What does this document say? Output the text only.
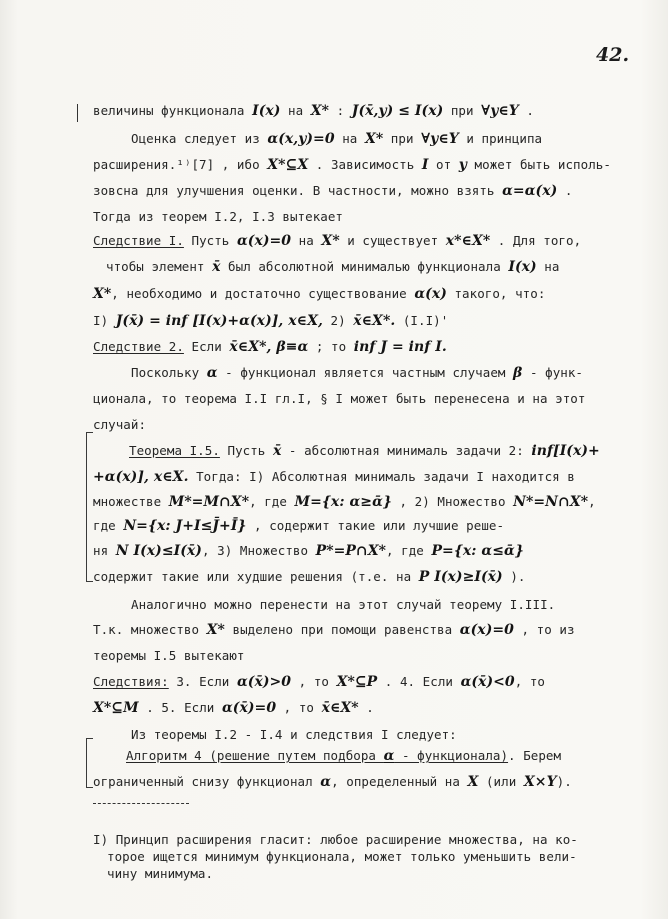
42.
величины функционала I(x) на X* : J(x̄,y) ≤ I(x) при ∀y∈Y .
Оценка следует из α(x,y)=0 на X* при ∀y∈Y и принципа
расширения.¹⁾[7] , ибо X*⊆X . Зависимость I от y может быть исполь-
зовсна для улучшения оценки. В частности, можно взять α=α(x) .
Тогда из теорем I.2, I.3 вытекает
Следствие I. Пусть α(x)=0 на X* и существует x*∈X* . Для того,
чтобы элемент x̄ был абсолютной минималью функционала I(x) на
X*, необходимо и достаточно существование α(x) такого, что:
I) J(x̄) = inf [I(x)+α(x)], x∈X, 2) x̄∈X*. (I.I)'
Следствие 2. Если x̄∈X*, β≡α ; то inf J = inf I.
Поскольку α - функционал является частным случаем β - функ-
ционала, то теорема I.I гл.I, § I может быть перенесена и на этот
случай:
Теорема I.5. Пусть x̄ - абсолютная минималь задачи 2: inf[I(x)+
+α(x)], x∈X. Тогда: I) Абсолютная минималь задачи I находится в
множестве M*=M∩X*, где M={x: α≥ᾱ} , 2) Множество N*=N∩X*,
где N={x: J+I≤J̄+Ī} , содержит такие или лучшие реше-
ня N I(x)≤I(x̄), 3) Множество P*=P∩X*, где P={x: α≤ᾱ}
содержит такие или худшие решения (т.е. на P I(x)≥I(x̄) ).
Аналогично можно перенести на этот случай теорему I.III.
Т.к. множество X* выделено при помощи равенства α(x)=0 , то из
теоремы I.5 вытекают
Следствия: 3. Если α(x̄)>0 , то X*⊆P . 4. Если α(x̄)<0, то
X*⊆M . 5. Если α(x̄)=0 , то x̄∈X* .
Из теоремы I.2 - I.4 и следствия I следует:
Алгоритм 4 (решение путем подбора α - функционала). Берем
ограниченный снизу функционал α, определенный на X (или X×Y).
I) Принцип расширения гласит: любое расширение множества, на ко-
торое ищется минимум функционала, может только уменьшить вели-
чину минимума.
